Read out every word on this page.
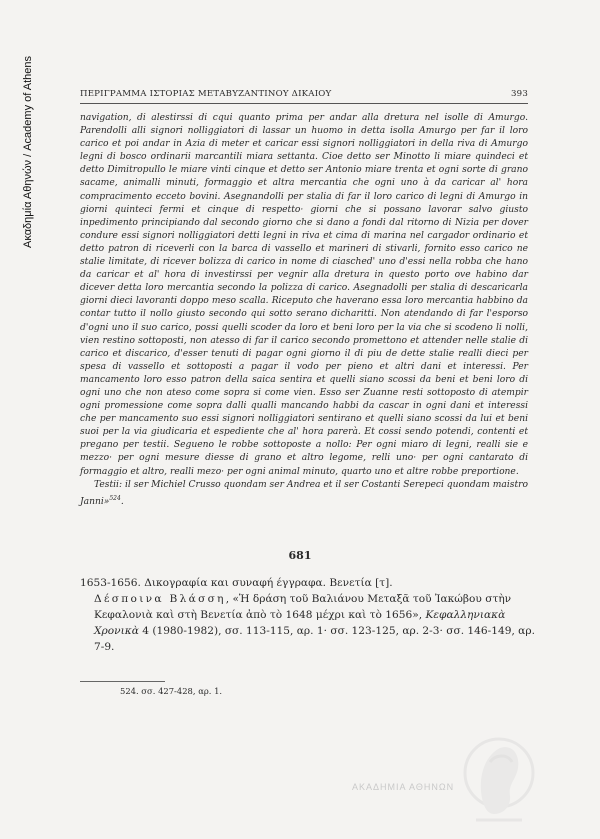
Ακαδημία Αθηνών / Academy of Athens	ΠΕΡΙΓΡΑΜΜΑ ΙΣΤΟΡΙΑΣ ΜΕΤΑΒΥΖΑΝΤΙΝΟΥ ΔΙΚΑΙΟΥ	393

navigation, di alestirssi di cqui quanto prima per andar alla dretura nel isolle di Amurgo. Parendolli alli signori nolliggiatori di lassar un huomo in detta isolla Amurgo per far il loro carico et poi andar in Azia di meter et caricar essi signori nolliggiatori in della riva di Amurgo legni di bosco ordinarii marcantili miara settanta. Cioe detto ser Minotto li miare quindeci et detto Dimitropullo le miare vinti cinque et detto ser Antonio miare trenta et ogni sorte di grano sacame, animalli minuti, formaggio et altra mercantia che ogni uno à da caricar al' hora compracimento ecceto bovini. Asegnandolli per stalia di far il loro carico di legni di Amurgo in giorni quinteci fermi et cinque di respetto· giorni che si possano lavorar salvo giusto inpedimento principiando dal secondo giorno che si dano a fondi dal ritorno di Nizia per dover condure essi signori nolliggiatori detti legni in riva et cima di marina nel cargador ordinario et detto patron di riceverli con la barca di vassello et marineri di stivarli, fornito esso carico ne stalie limitate, di ricever bolizza di carico in nome di ciasched' uno d'essi nella robba che hano da caricar et al' hora di investirssi per vegnir alla dretura in questo porto ove habino dar dicever detta loro mercantia secondo la polizza di carico. Asegnadolli per stalia di descaricarla giorni dieci lavoranti doppo meso scalla. Riceputo che haverano essa loro mercantia habbino da contar tutto il nollo giusto secondo qui sotto serano dicharitti. Non atendando di far l'esporso d'ogni uno il suo carico, possi quelli scoder da loro et beni loro per la via che si scodeno li nolli, vien restino sottoposti, non atesso di far il carico secondo promettono et attender nelle stalie di carico et discarico, d'esser tenuti di pagar ogni giorno il di piu de dette stalie realli dieci per spesa di vassello et sottoposti a pagar il vodo per pieno et altri dani et interessi. Per mancamento loro esso patron della saica sentira et quelli siano scossi da beni et beni loro di ogni uno che non ateso come sopra si come vien. Esso ser Zuanne resti sottoposto di atempir ogni promessione come sopra dalli qualli mancando habbi da cascar in ogni dani et interessi che per mancamento suo essi signori nolliggiatori sentirano et quelli siano scossi da lui et beni suoi per la via giudicaria et espediente che al' hora parerà. Et cossi sendo potendi, contenti et pregano per testii. Segueno le robbe sottoposte a nollo: Per ogni miaro di legni, realli sie e mezzo· per ogni mesure diesse di grano et altro legome, relli uno· per ogni cantarato di formaggio et altro, realli mezo· per ogni animal minuto, quarto uno et altre robbe preportione.

Testii: il ser Michiel Crusso quondam ser Andrea et il ser Costanti Serepeci quondam maistro Janni»$^{524}$.

681
1653-1656. Δικογραφία και συναφή έγγραφα. Βενετία [τ].
Δέσποινα Βλάσση, «Ἡ δράση τοῦ Βαλιάνου Μεταξᾶ τοῦ Ἰακώβου στὴν Κεφαλονιὰ καὶ στὴ Βενετία ἀπὸ τὸ 1648 μέχρι καὶ τὸ 1656», Κεφαλληνιακὰ Χρονικὰ 4 (1980-1982), σσ. 113-115, αρ. 1· σσ. 123-125, αρ. 2-3· σσ. 146-149, αρ. 7-9.
524. σσ. 427-428, αρ. 1.
ΑΚΑΔΗΜΙΑ ΑΘΗΝΩΝ
